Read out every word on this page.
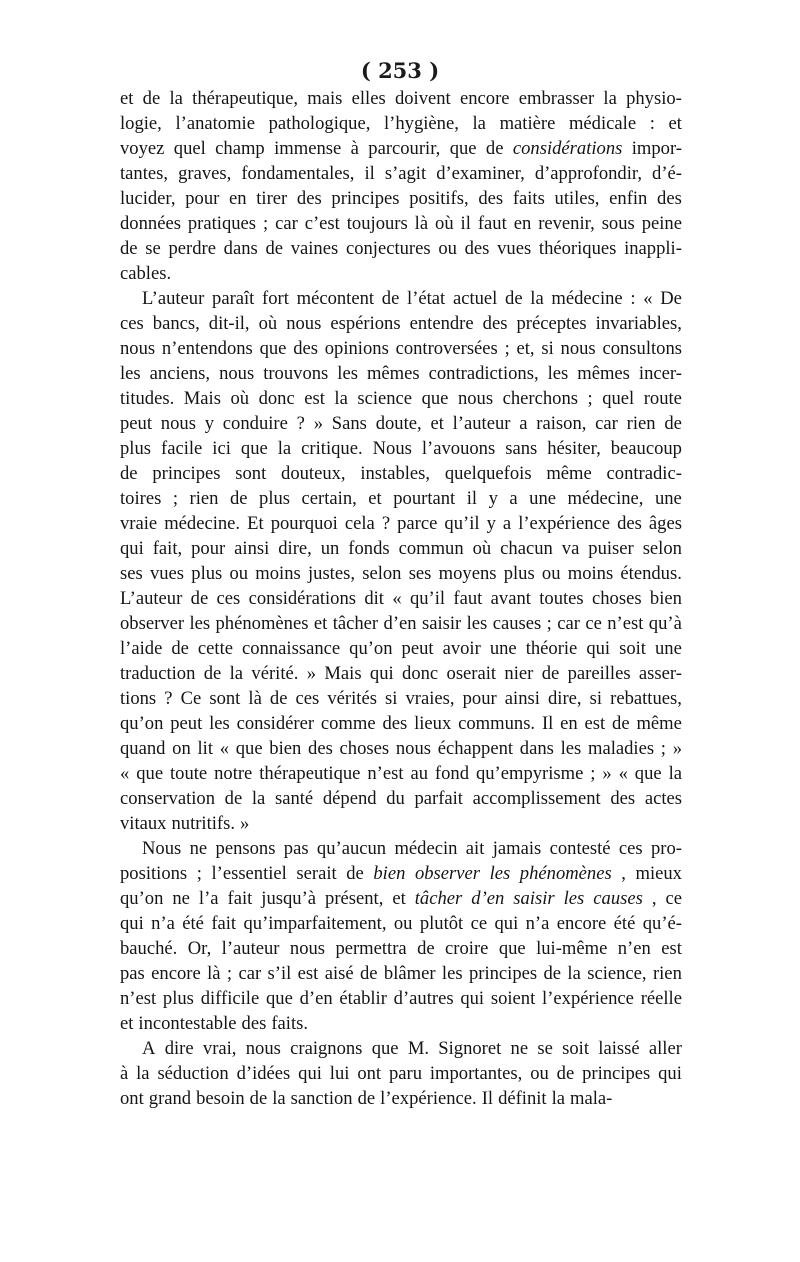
( 253 )
et de la thérapeutique, mais elles doivent encore embrasser la physio-
logie, l’anatomie pathologique, l’hygiène, la matière médicale : et
voyez quel champ immense à parcourir, que de considérations impor-
tantes, graves, fondamentales, il s’agit d’examiner, d’approfondir, d’é-
lucider, pour en tirer des principes positifs, des faits utiles, enfin des
données pratiques ; car c’est toujours là où il faut en revenir, sous peine
de se perdre dans de vaines conjectures ou des vues théoriques inappli-
cables.
L’auteur paraît fort mécontent de l’état actuel de la médecine : « De
ces bancs, dit-il, où nous espérions entendre des préceptes invariables,
nous n’entendons que des opinions controversées ; et, si nous consultons
les anciens, nous trouvons les mêmes contradictions, les mêmes incer-
titudes. Mais où donc est la science que nous cherchons ; quel route
peut nous y conduire ? » Sans doute, et l’auteur a raison, car rien de
plus facile ici que la critique. Nous l’avouons sans hésiter, beaucoup
de principes sont douteux, instables, quelquefois même contradic-
toires ; rien de plus certain, et pourtant il y a une médecine, une
vraie médecine. Et pourquoi cela ? parce qu’il y a l’expérience des âges
qui fait, pour ainsi dire, un fonds commun où chacun va puiser selon
ses vues plus ou moins justes, selon ses moyens plus ou moins étendus.
L’auteur de ces considérations dit « qu’il faut avant toutes choses bien
observer les phénomènes et tâcher d’en saisir les causes ; car ce n’est qu’à
l’aide de cette connaissance qu’on peut avoir une théorie qui soit une
traduction de la vérité. » Mais qui donc oserait nier de pareilles asser-
tions ? Ce sont là de ces vérités si vraies, pour ainsi dire, si rebattues,
qu’on peut les considérer comme des lieux communs. Il en est de même
quand on lit « que bien des choses nous échappent dans les maladies ; »
« que toute notre thérapeutique n’est au fond qu’empyrisme ; » « que la
conservation de la santé dépend du parfait accomplissement des actes
vitaux nutritifs. »
Nous ne pensons pas qu’aucun médecin ait jamais contesté ces pro-
positions ; l’essentiel serait de bien observer les phénomènes , mieux
qu’on ne l’a fait jusqu’à présent, et tâcher d’en saisir les causes , ce
qui n’a été fait qu’imparfaitement, ou plutôt ce qui n’a encore été qu’é-
bauché. Or, l’auteur nous permettra de croire que lui-même n’en est
pas encore là ; car s’il est aisé de blâmer les principes de la science, rien
n’est plus difficile que d’en établir d’autres qui soient l’expérience réelle
et incontestable des faits.
A dire vrai, nous craignons que M. Signoret ne se soit laissé aller
à la séduction d’idées qui lui ont paru importantes, ou de principes qui
ont grand besoin de la sanction de l’expérience. Il définit la mala-
